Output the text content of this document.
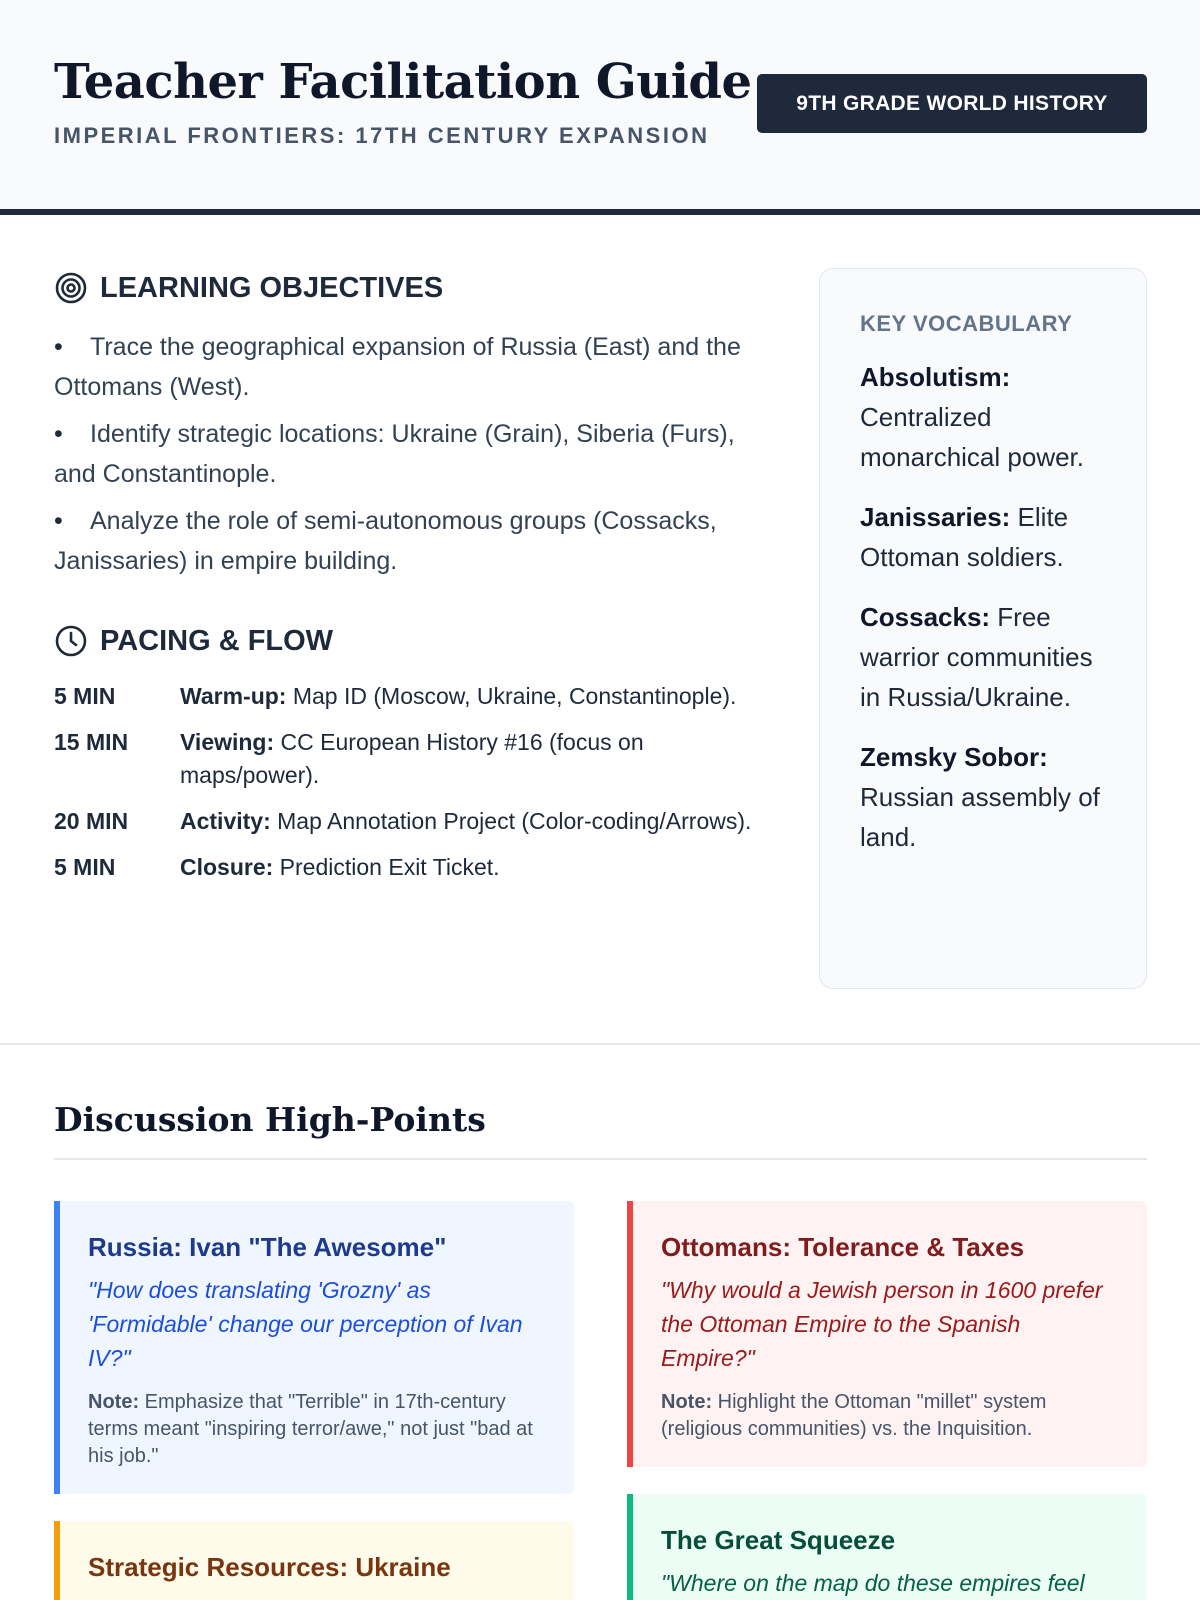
Teacher Facilitation Guide
IMPERIAL FRONTIERS: 17TH CENTURY EXPANSION
9TH GRADE WORLD HISTORY
LEARNING OBJECTIVES
• Trace the geographical expansion of Russia (East) and the Ottomans (West).
• Identify strategic locations: Ukraine (Grain), Siberia (Furs), and Constantinople.
• Analyze the role of semi-autonomous groups (Cossacks, Janissaries) in empire building.
PACING & FLOW
5 MIN	Warm-up: Map ID (Moscow, Ukraine, Constantinople).
15 MIN	Viewing: CC European History #16 (focus on maps/power).
20 MIN	Activity: Map Annotation Project (Color-coding/Arrows).
5 MIN	Closure: Prediction Exit Ticket.
KEY VOCABULARY

Absolutism: Centralized monarchical power.

Janissaries: Elite Ottoman soldiers.

Cossacks: Free warrior communities in Russia/Ukraine.

Zemsky Sobor: Russian assembly of land.

Discussion High-Points
Russia: Ivan "The Awesome"
"How does translating 'Grozny' as 'Formidable' change our perception of Ivan IV?"
Note: Emphasize that "Terrible" in 17th-century terms meant "inspiring terror/awe," not just "bad at his job."
Ottomans: Tolerance & Taxes
"Why would a Jewish person in 1600 prefer the Ottoman Empire to the Spanish Empire?"
Note: Highlight the Ottoman "millet" system (religious communities) vs. the Inquisition.
Strategic Resources: Ukraine
The Great Squeeze
"Where on the map do these empires feel
